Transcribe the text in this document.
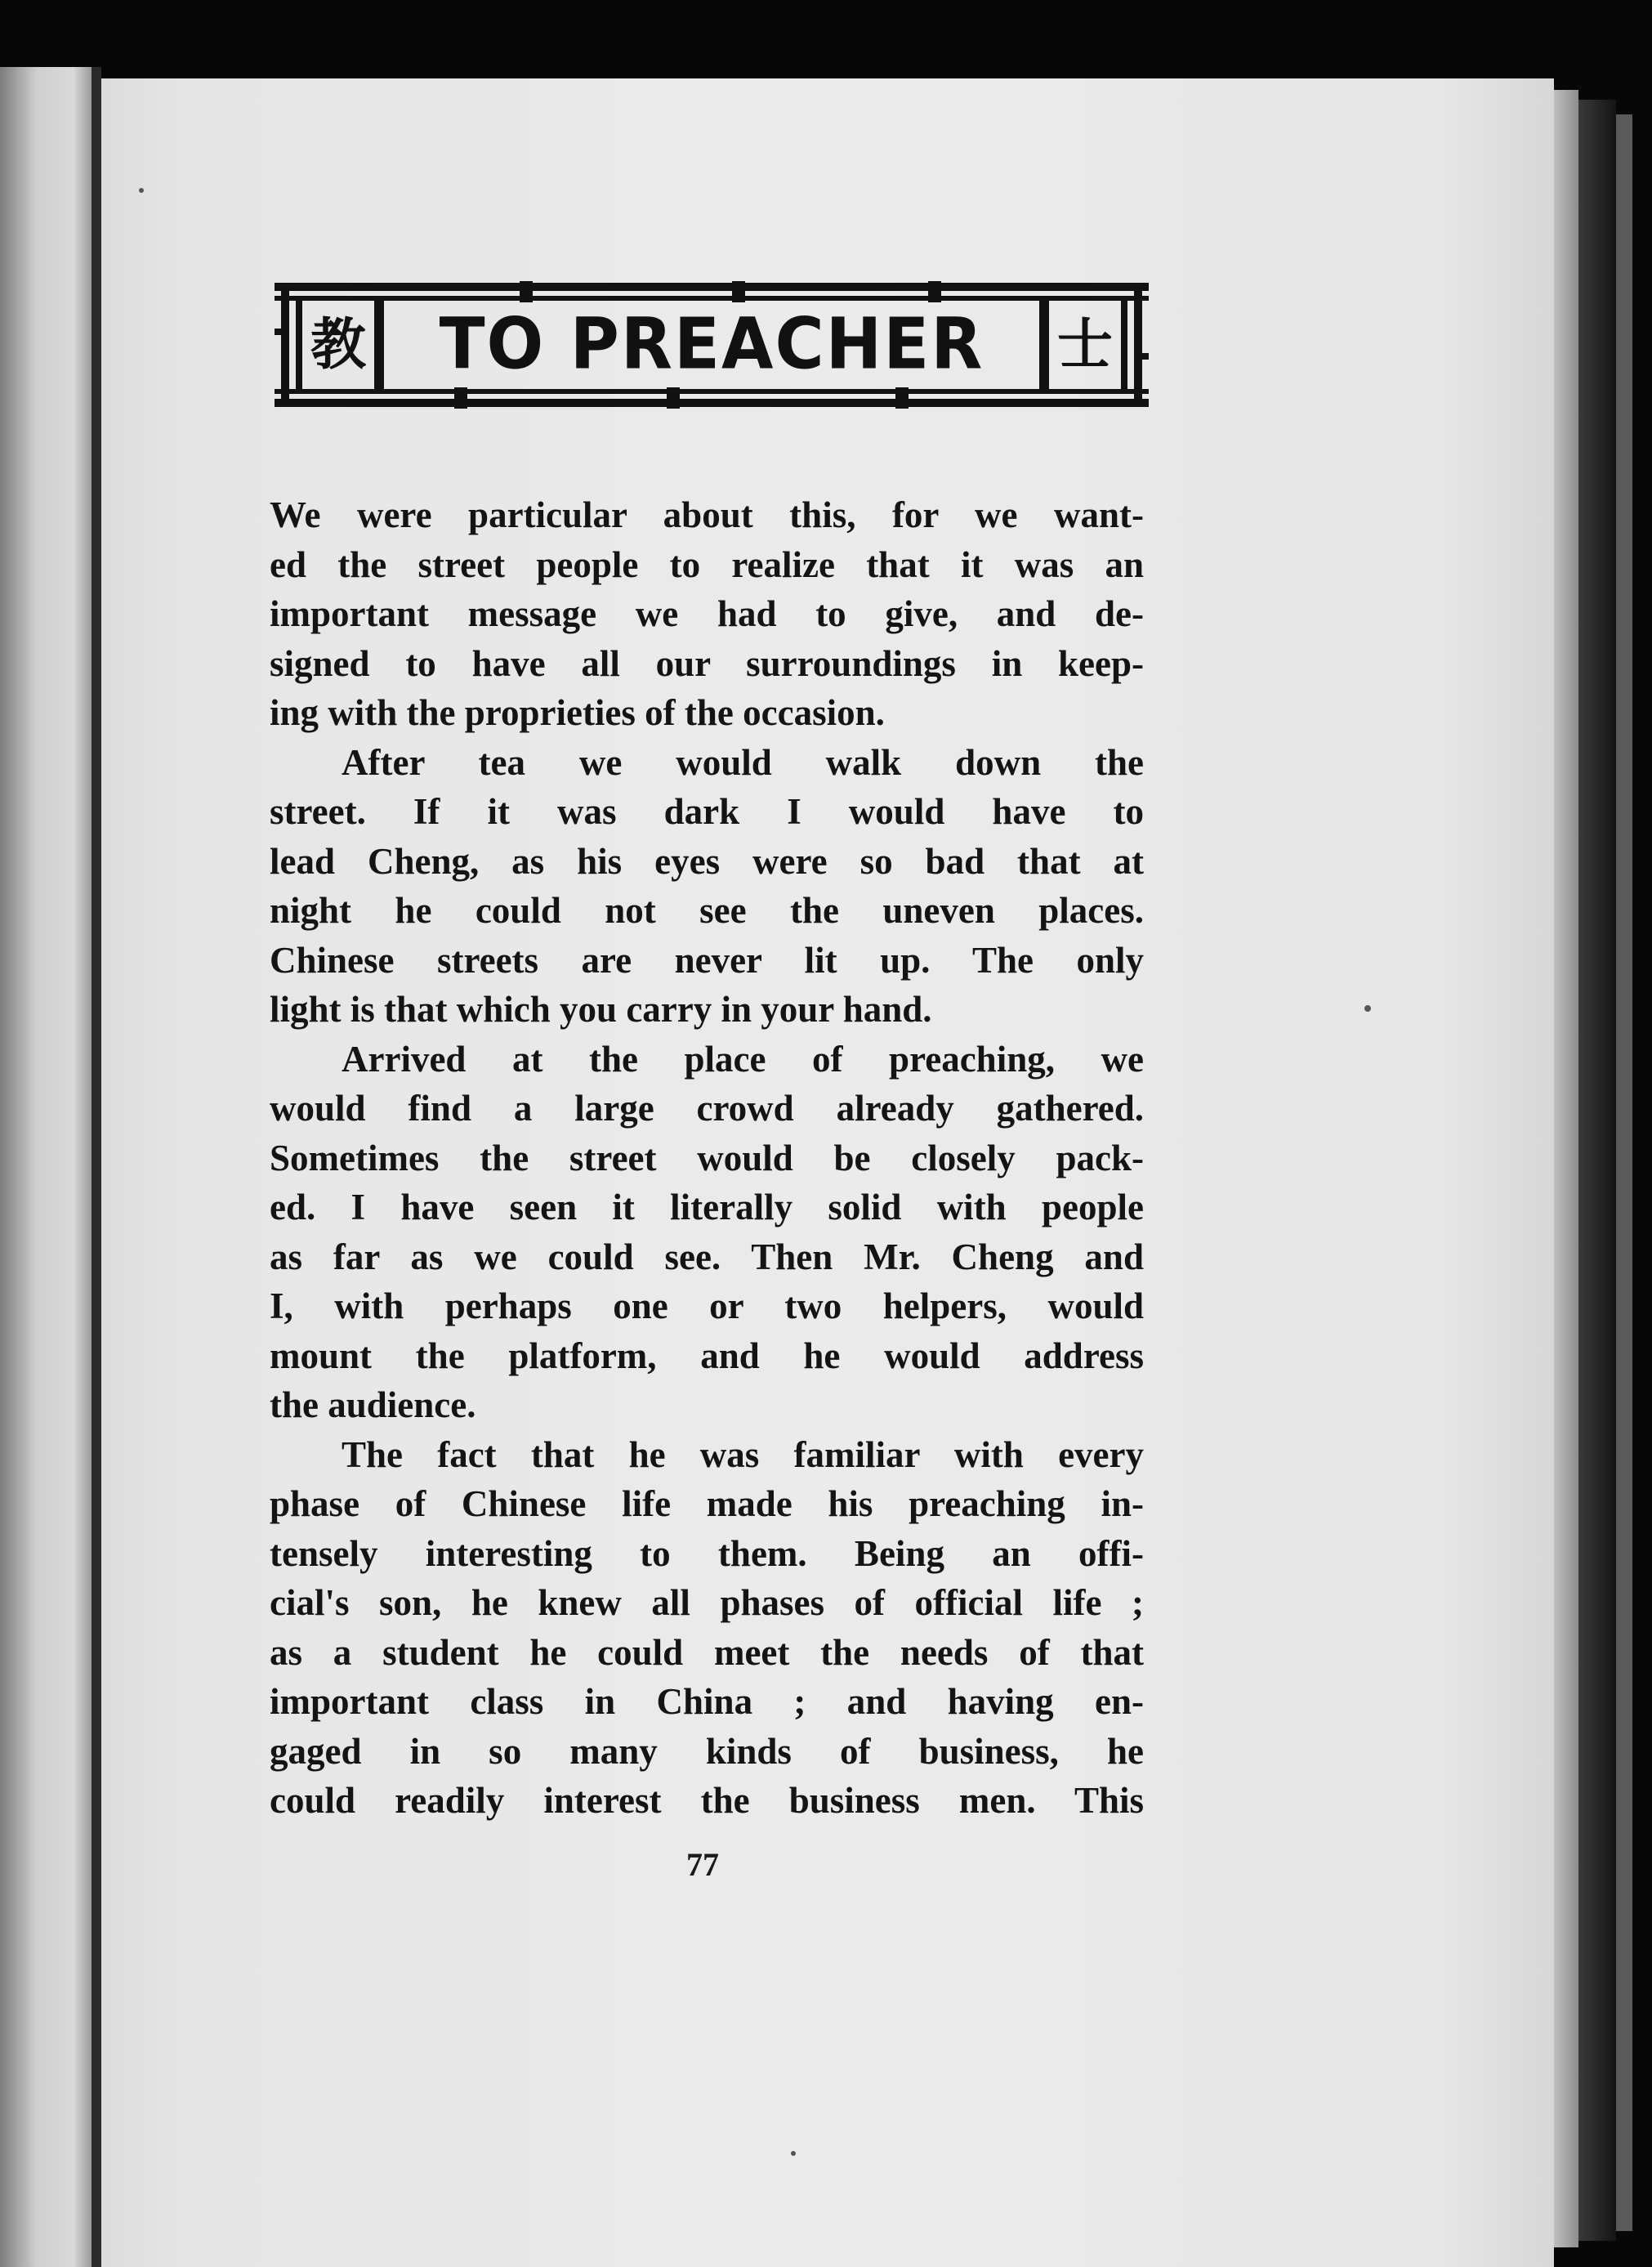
教	TO PREACHER	士
We were particular about this, for we want-
ed the street people to realize that it was an
important message we had to give, and de-
signed to have all our surroundings in keep-
ing with the proprieties of the occasion.
After tea we would walk down the
street. If it was dark I would have to
lead Cheng, as his eyes were so bad that at
night he could not see the uneven places.
Chinese streets are never lit up. The only
light is that which you carry in your hand.
Arrived at the place of preaching, we
would find a large crowd already gathered.
Sometimes the street would be closely pack-
ed. I have seen it literally solid with people
as far as we could see. Then Mr. Cheng and
I, with perhaps one or two helpers, would
mount the platform, and he would address
the audience.
The fact that he was familiar with every
phase of Chinese life made his preaching in-
tensely interesting to them. Being an offi-
cial's son, he knew all phases of official life ;
as a student he could meet the needs of that
important class in China ; and having en-
gaged in so many kinds of business, he
could readily interest the business men. This
77
